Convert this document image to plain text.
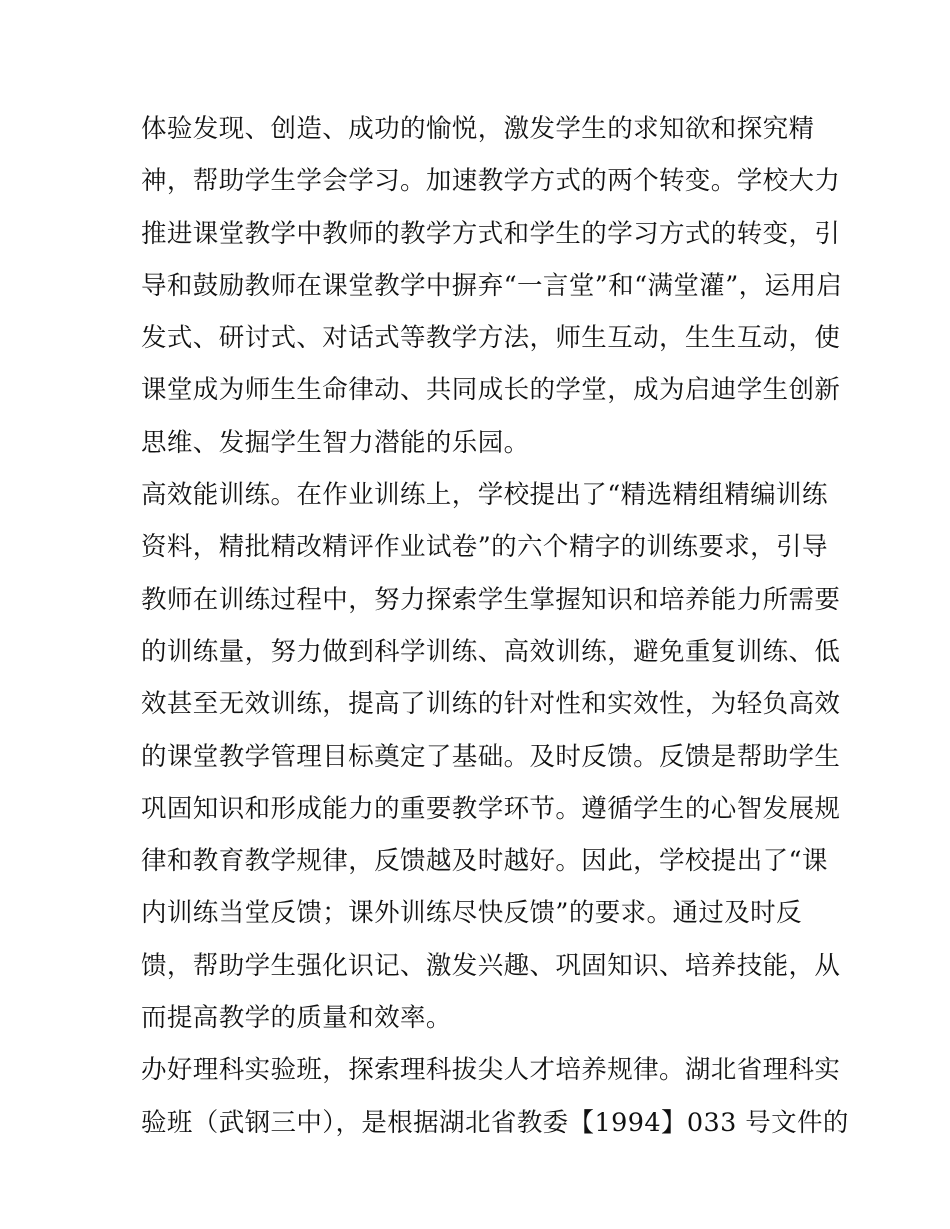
体验发现、创造、成功的愉悦，激发学生的求知欲和探究精
神，帮助学生学会学习。加速教学方式的两个转变。学校大力
推进课堂教学中教师的教学方式和学生的学习方式的转变，引
导和鼓励教师在课堂教学中摒弃“一言堂”和“满堂灌”，运用启
发式、研讨式、对话式等教学方法，师生互动，生生互动，使
课堂成为师生生命律动、共同成长的学堂，成为启迪学生创新
思维、发掘学生智力潜能的乐园。
高效能训练。在作业训练上，学校提出了“精选精组精编训练
资料，精批精改精评作业试卷”的六个精字的训练要求，引导
教师在训练过程中，努力探索学生掌握知识和培养能力所需要
的训练量，努力做到科学训练、高效训练，避免重复训练、低
效甚至无效训练，提高了训练的针对性和实效性，为轻负高效
的课堂教学管理目标奠定了基础。及时反馈。反馈是帮助学生
巩固知识和形成能力的重要教学环节。遵循学生的心智发展规
律和教育教学规律，反馈越及时越好。因此，学校提出了“课
内训练当堂反馈；课外训练尽快反馈”的要求。通过及时反
馈，帮助学生强化识记、激发兴趣、巩固知识、培养技能，从
而提高教学的质量和效率。
办好理科实验班，探索理科拔尖人才培养规律。湖北省理科实
验班（武钢三中），是根据湖北省教委【1994】033 号文件的
